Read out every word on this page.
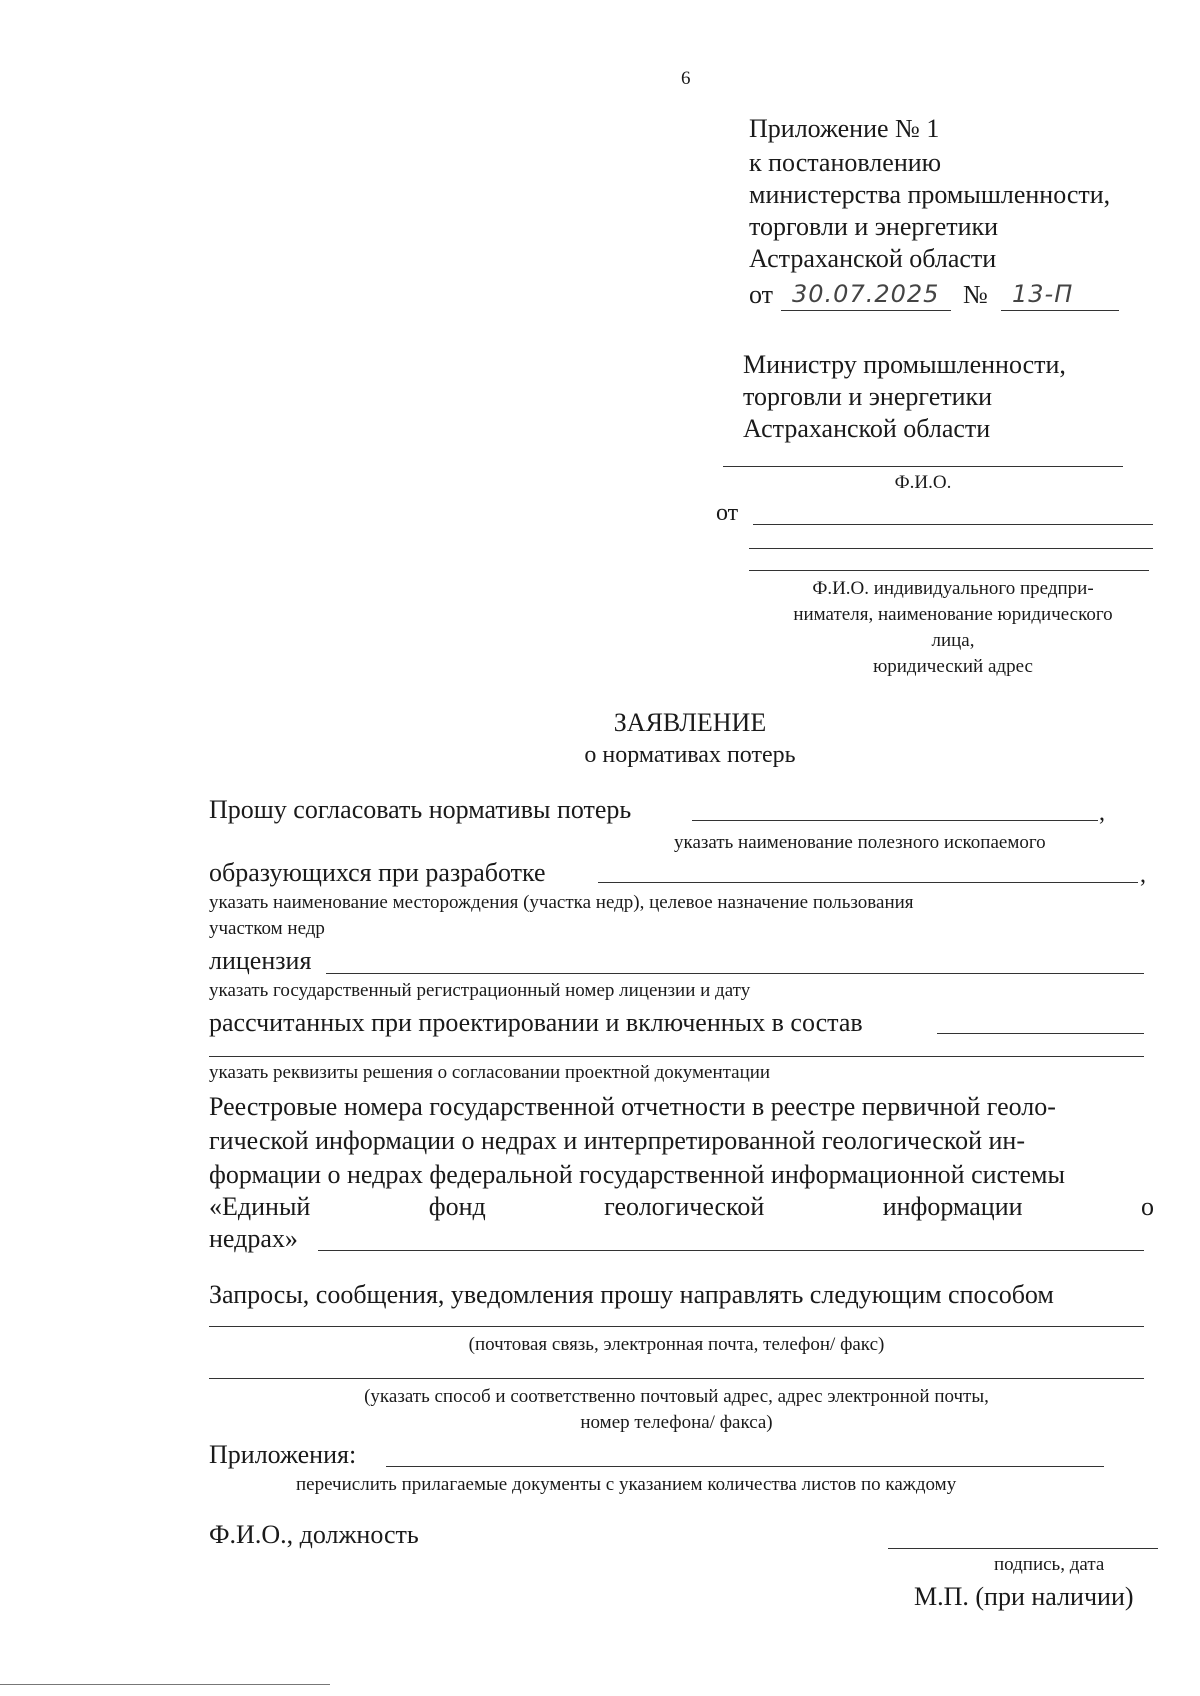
6
Приложение № 1
к постановлению
министерства промышленности,
торговли и энергетики
Астраханской области
от 30.07.2025 № 13-П
Министру промышленности,
торговли и энергетики
Астраханской области
Ф.И.О.
от
Ф.И.О. индивидуального предпри-
нимателя, наименование юридического
лица,
юридический адрес
ЗАЯВЛЕНИЕ
о нормативах потерь
Прошу согласовать нормативы потерь	,
указать наименование полезного ископаемого
образующихся при разработке	,
указать наименование месторождения (участка недр), целевое назначение пользования
участком недр
лицензия
указать государственный регистрационный номер лицензии и дату
рассчитанных при проектировании и включенных в состав
указать реквизиты решения о согласовании проектной документации
Реестровые номера государственной отчетности в реестре первичной геоло-
гической информации о недрах и интерпретированной геологической ин-
формации о недрах федеральной государственной информационной системы
«Единый	фонд	геологической	информации	о
недрах»
Запросы, сообщения, уведомления прошу направлять следующим способом
(почтовая связь, электронная почта, телефон/ факс)
(указать способ и соответственно почтовый адрес, адрес электронной почты,
номер телефона/ факса)
Приложения:
перечислить прилагаемые документы с указанием количества листов по каждому
Ф.И.О., должность
подпись, дата
М.П. (при наличии)
